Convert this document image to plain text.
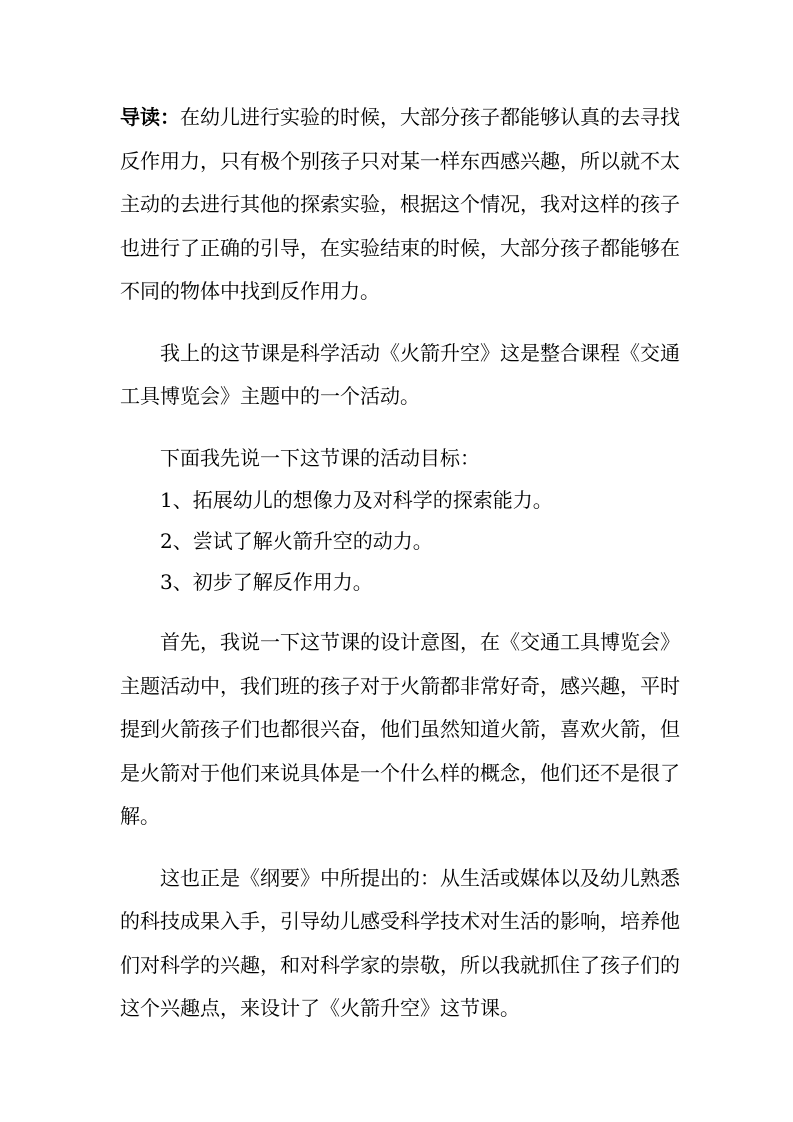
导读：在幼儿进行实验的时候，大部分孩子都能够认真的去寻找反作用力，只有极个别孩子只对某一样东西感兴趣，所以就不太主动的去进行其他的探索实验，根据这个情况，我对这样的孩子也进行了正确的引导，在实验结束的时候，大部分孩子都能够在不同的物体中找到反作用力。

我上的这节课是科学活动《火箭升空》这是整合课程《交通工具博览会》主题中的一个活动。

下面我先说一下这节课的活动目标：

1、拓展幼儿的想像力及对科学的探索能力。

2、尝试了解火箭升空的动力。

3、初步了解反作用力。

首先，我说一下这节课的设计意图，在《交通工具博览会》主题活动中，我们班的孩子对于火箭都非常好奇，感兴趣，平时提到火箭孩子们也都很兴奋，他们虽然知道火箭，喜欢火箭，但是火箭对于他们来说具体是一个什么样的概念，他们还不是很了解。

这也正是《纲要》中所提出的：从生活或媒体以及幼儿熟悉的科技成果入手，引导幼儿感受科学技术对生活的影响，培养他们对科学的兴趣，和对科学家的崇敬，所以我就抓住了孩子们的这个兴趣点，来设计了《火箭升空》这节课。
